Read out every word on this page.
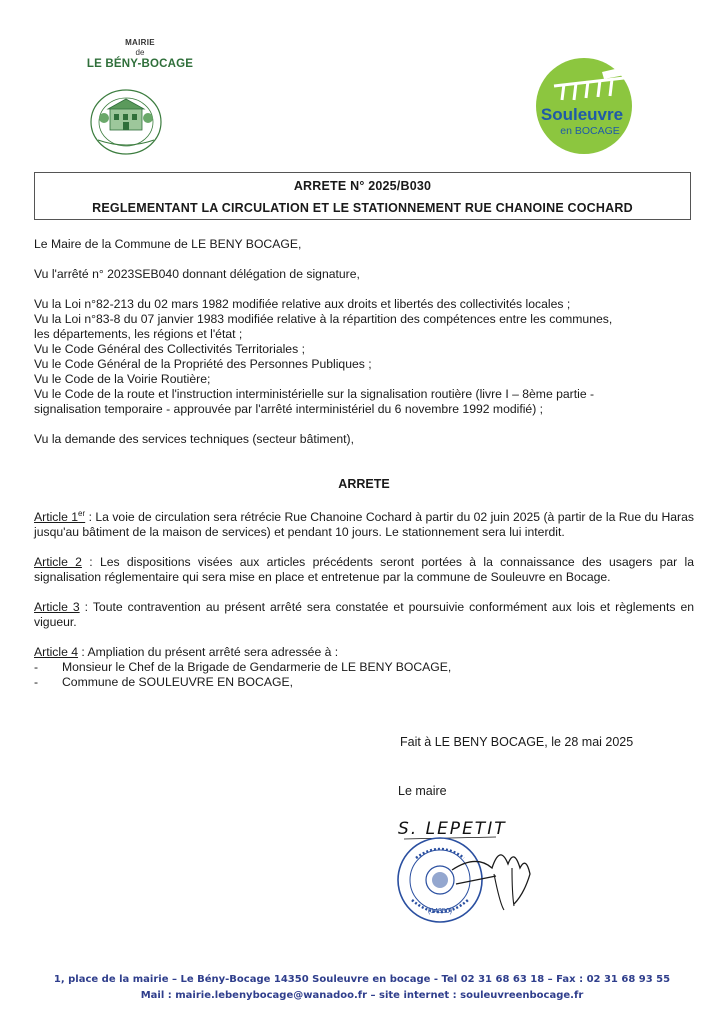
MAIRIE
de
LE BÉNY-BOCAGE
Souleuvre
en BOCAGE
ARRETE N° 2025/B030
REGLEMENTANT LA CIRCULATION ET LE STATIONNEMENT RUE CHANOINE COCHARD

Le Maire de la Commune de LE BENY BOCAGE,

Vu l'arrêté n° 2023SEB040 donnant délégation de signature,

Vu la Loi n°82-213 du 02 mars 1982 modifiée relative aux droits et libertés des collectivités locales ;

Vu la Loi n°83-8 du 07 janvier 1983 modifiée relative à la répartition des compétences entre les communes,

les départements, les régions et l'état ;

Vu le Code Général des Collectivités Territoriales ;

Vu le Code Général de la Propriété des Personnes Publiques ;

Vu le Code de la Voirie Routière;

Vu le Code de la route et l'instruction interministérielle sur la signalisation routière (livre I – 8ème partie -

signalisation temporaire - approuvée par l'arrêté interministériel du 6 novembre 1992 modifié) ;

Vu la demande des services techniques (secteur bâtiment),

ARRETE

Article 1er : La voie de circulation sera rétrécie Rue Chanoine Cochard à partir du 02 juin 2025 (à partir de la Rue du Haras jusqu'au bâtiment de la maison de services) et pendant 10 jours. Le stationnement sera lui interdit.

Article 2 : Les dispositions visées aux articles précédents seront portées à la connaissance des usagers par la signalisation réglementaire qui sera mise en place et entretenue par la commune de Souleuvre en Bocage.

Article 3 : Toute contravention au présent arrêté sera constatée et poursuivie conformément aux lois et règlements en vigueur.

Article 4 : Ampliation du présent arrêté sera adressée à :

-	Monsieur le Chef de la Brigade de Gendarmerie de LE BENY BOCAGE,

-	Commune de SOULEUVRE EN BOCAGE,

Fait à LE BENY BOCAGE, le 28 mai 2025
Le maire
S. LEPETIT
(14350)
1, place de la mairie – Le Bény-Bocage 14350 Souleuvre en bocage - Tel 02 31 68 63 18 – Fax : 02 31 68 93 55
Mail : mairie.lebenybocage@wanadoo.fr – site internet : souleuvreenbocage.fr
